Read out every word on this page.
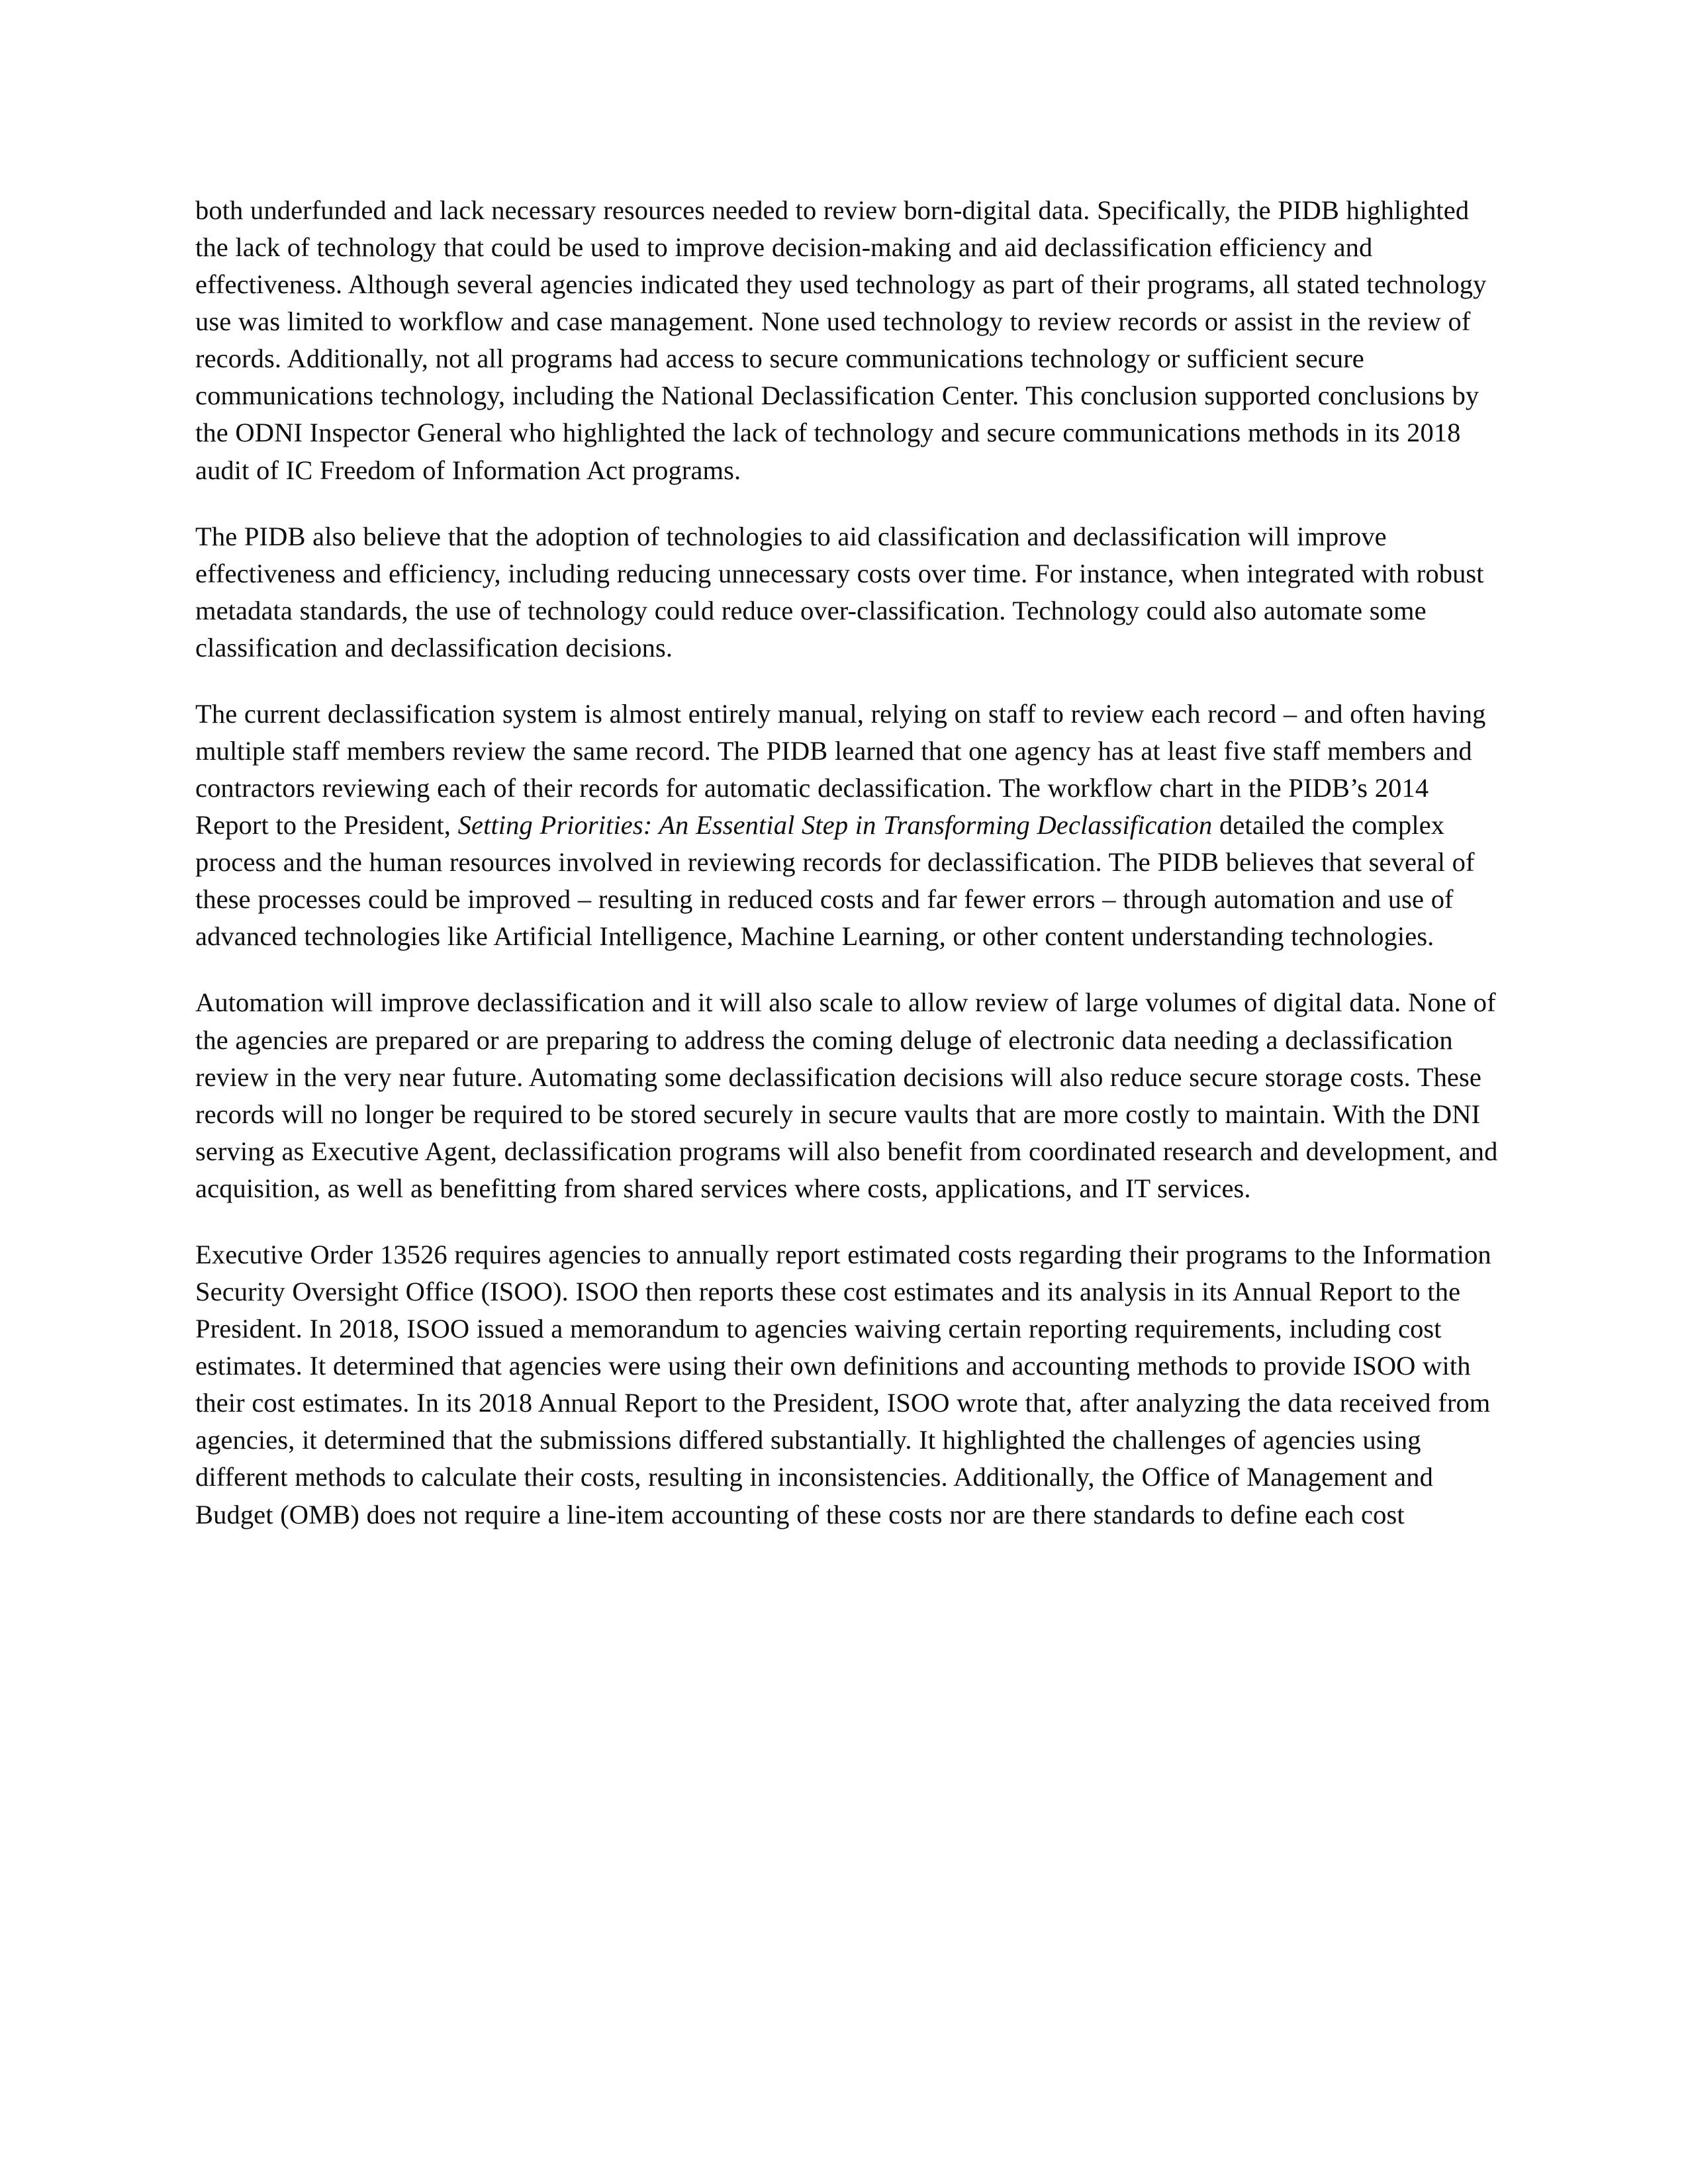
both underfunded and lack necessary resources needed to review born-digital data. Specifically, the PIDB highlighted the lack of technology that could be used to improve decision-making and aid declassification efficiency and effectiveness. Although several agencies indicated they used technology as part of their programs, all stated technology use was limited to workflow and case management. None used technology to review records or assist in the review of records. Additionally, not all programs had access to secure communications technology or sufficient secure communications technology, including the National Declassification Center. This conclusion supported conclusions by the ODNI Inspector General who highlighted the lack of technology and secure communications methods in its 2018 audit of IC Freedom of Information Act programs.

The PIDB also believe that the adoption of technologies to aid classification and declassification will improve effectiveness and efficiency, including reducing unnecessary costs over time. For instance, when integrated with robust metadata standards, the use of technology could reduce over-classification. Technology could also automate some classification and declassification decisions.

The current declassification system is almost entirely manual, relying on staff to review each record – and often having multiple staff members review the same record. The PIDB learned that one agency has at least five staff members and contractors reviewing each of their records for automatic declassification. The workflow chart in the PIDB’s 2014 Report to the President, Setting Priorities: An Essential Step in Transforming Declassification detailed the complex process and the human resources involved in reviewing records for declassification. The PIDB believes that several of these processes could be improved – resulting in reduced costs and far fewer errors – through automation and use of advanced technologies like Artificial Intelligence, Machine Learning, or other content understanding technologies.

Automation will improve declassification and it will also scale to allow review of large volumes of digital data. None of the agencies are prepared or are preparing to address the coming deluge of electronic data needing a declassification review in the very near future. Automating some declassification decisions will also reduce secure storage costs. These records will no longer be required to be stored securely in secure vaults that are more costly to maintain. With the DNI serving as Executive Agent, declassification programs will also benefit from coordinated research and development, and acquisition, as well as benefitting from shared services where costs, applications, and IT services.

Executive Order 13526 requires agencies to annually report estimated costs regarding their programs to the Information Security Oversight Office (ISOO). ISOO then reports these cost estimates and its analysis in its Annual Report to the President. In 2018, ISOO issued a memorandum to agencies waiving certain reporting requirements, including cost estimates. It determined that agencies were using their own definitions and accounting methods to provide ISOO with their cost estimates. In its 2018 Annual Report to the President, ISOO wrote that, after analyzing the data received from agencies, it determined that the submissions differed substantially. It highlighted the challenges of agencies using different methods to calculate their costs, resulting in inconsistencies. Additionally, the Office of Management and Budget (OMB) does not require a line-item accounting of these costs nor are there standards to define each cost
